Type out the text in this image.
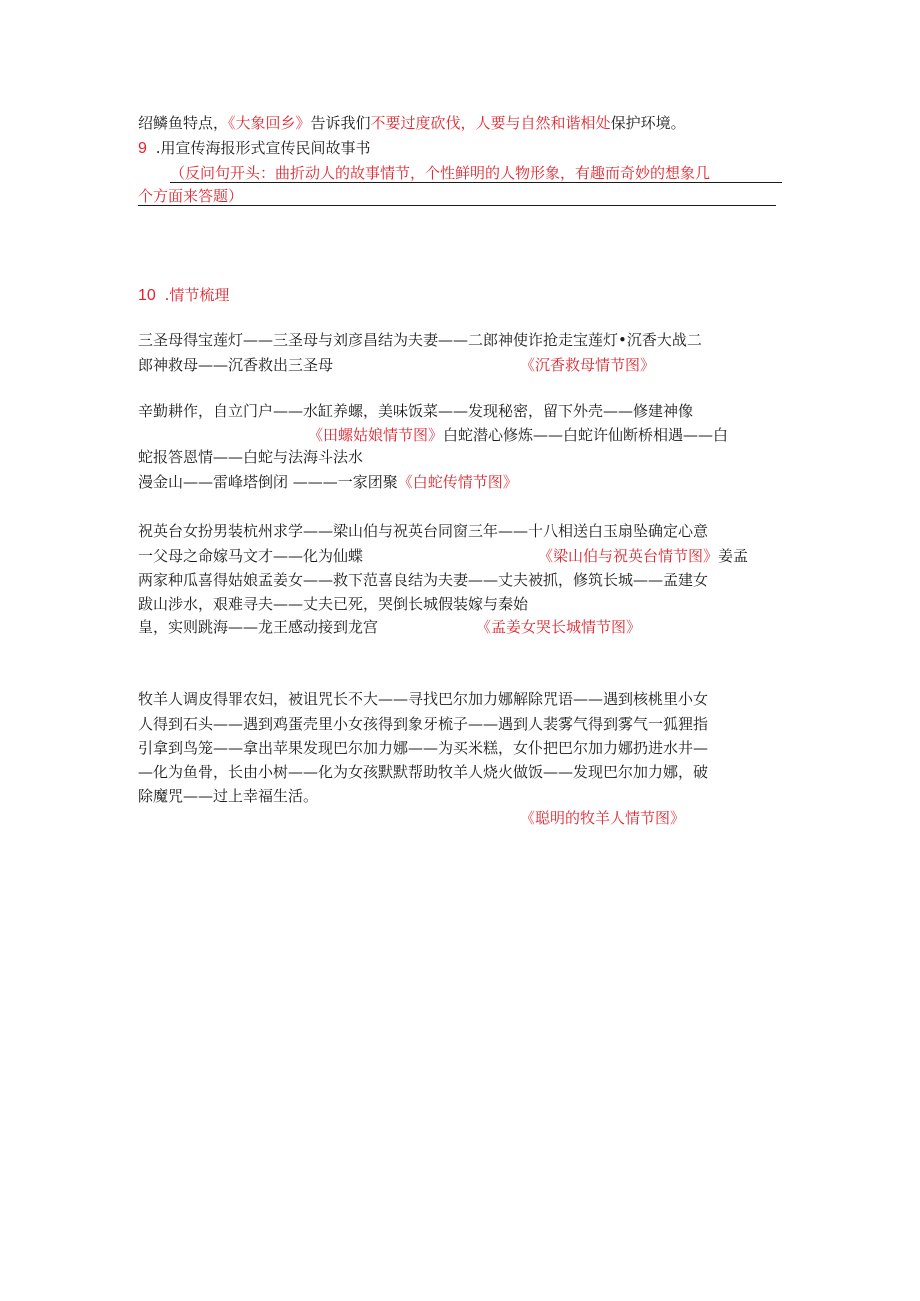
绍鳞鱼特点，《大象回乡》告诉我们不要过度砍伐，人要与自然和谐相处保护环境。
9 .用宣传海报形式宣传民间故事书
（反问句开头：曲折动人的故事情节，个性鲜明的人物形象，有趣而奇妙的想象几
个方面来答题）
10 .情节梳理
三圣母得宝莲灯——三圣母与刘彦昌结为夫妻——二郎神使诈抢走宝莲灯•沉香大战二
郎神救母——沉香救出三圣母	《沉香救母情节图》
辛勤耕作，自立门户——水缸养螺，美味饭菜——发现秘密，留下外壳——修建神像
《田螺姑娘情节图》白蛇潜心修炼——白蛇许仙断桥相遇——白
蛇报答恩情——白蛇与法海斗法水
漫金山——雷峰塔倒闭 ———一家团聚《白蛇传情节图》
祝英台女扮男装杭州求学——梁山伯与祝英台同窗三年——十八相送白玉扇坠确定心意
一父母之命嫁马文才——化为仙蝶	《梁山伯与祝英台情节图》姜孟
两家种瓜喜得姑娘孟姜女——救下范喜良结为夫妻——丈夫被抓，修筑长城——孟建女
跋山涉水，艰难寻夫——丈夫已死，哭倒长城假装嫁与秦始
皇，实则跳海——龙王感动接到龙宫	《孟姜女哭长城情节图》
牧羊人调皮得罪农妇，被诅咒长不大——寻找巴尔加力娜解除咒语——遇到核桃里小女
人得到石头——遇到鸡蛋壳里小女孩得到象牙梳子——遇到人裴雾气得到雾气一狐狸指
引拿到鸟笼——拿出苹果发现巴尔加力娜——为买米糕，女仆把巴尔加力娜扔进水井—
—化为鱼骨，长由小树——化为女孩默默帮助牧羊人烧火做饭——发现巴尔加力娜，破
除魔咒——过上幸福生活。
《聪明的牧羊人情节图》
